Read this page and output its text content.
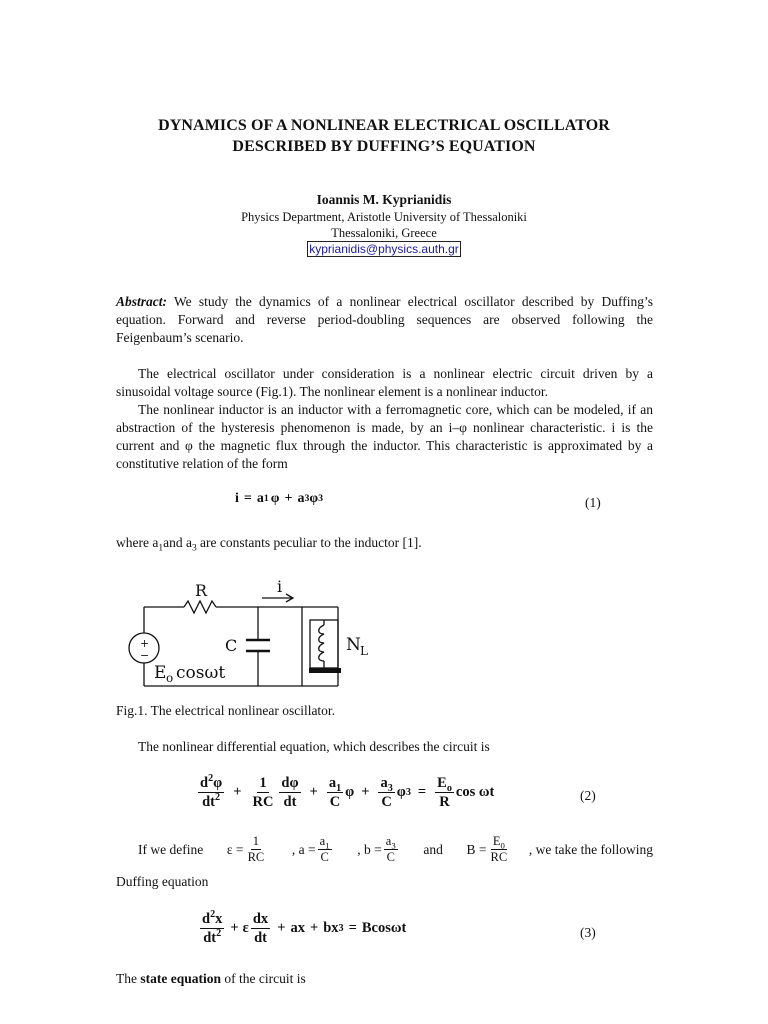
DYNAMICS OF A NONLINEAR ELECTRICAL OSCILLATOR
DESCRIBED BY DUFFING’S EQUATION
Ioannis M. Kyprianidis
Physics Department, Aristotle University of Thessaloniki
Thessaloniki, Greece
kyprianidis@physics.auth.gr
Abstract: We study the dynamics of a nonlinear electrical oscillator described by Duffing’s equation. Forward and reverse period-doubling sequences are observed following the Feigenbaum’s scenario.
The electrical oscillator under consideration is a nonlinear electric circuit driven by a sinusoidal voltage source (Fig.1). The nonlinear element is a nonlinear inductor.
The nonlinear inductor is an inductor with a ferromagnetic core, which can be modeled, if an abstraction of the hysteresis phenomenon is made, by an i–φ nonlinear characteristic. i is the current and φ the magnetic flux through the inductor. This characteristic is approximated by a constitutive relation of the form
i = a 1 φ + a 3 φ 3	(1)
where $a_1and$ $a_3$ are constants peculiar to the inductor [1].
R	i
C	N L
+
−
E o cosωt
Fig.1. The electrical nonlinear oscillator.
The nonlinear differential equation, which describes the circuit is
$\frac{d^2\varphi}{dt^2} + \frac{1}{RC} \frac{d\varphi}{dt} + \frac{a_1}{C}$ $\varphi + \frac{a_3}{C}$ φ $3 = \frac{E_o}{R}$ cos ωt	(2)
If we define $\varepsilon = \frac{1}{RC}$ , $a = \frac{a_1}{C}$ , $b = \frac{a_3}{C}$ and $B = \frac{E_0}{RC}$ , we take the following
Duffing equation
$\frac{d^2x}{dt^2} + \varepsilon \frac{dx}{dt}$ + ax + bx 3 = Bcosωt	(3)
The state equation of the circuit is
